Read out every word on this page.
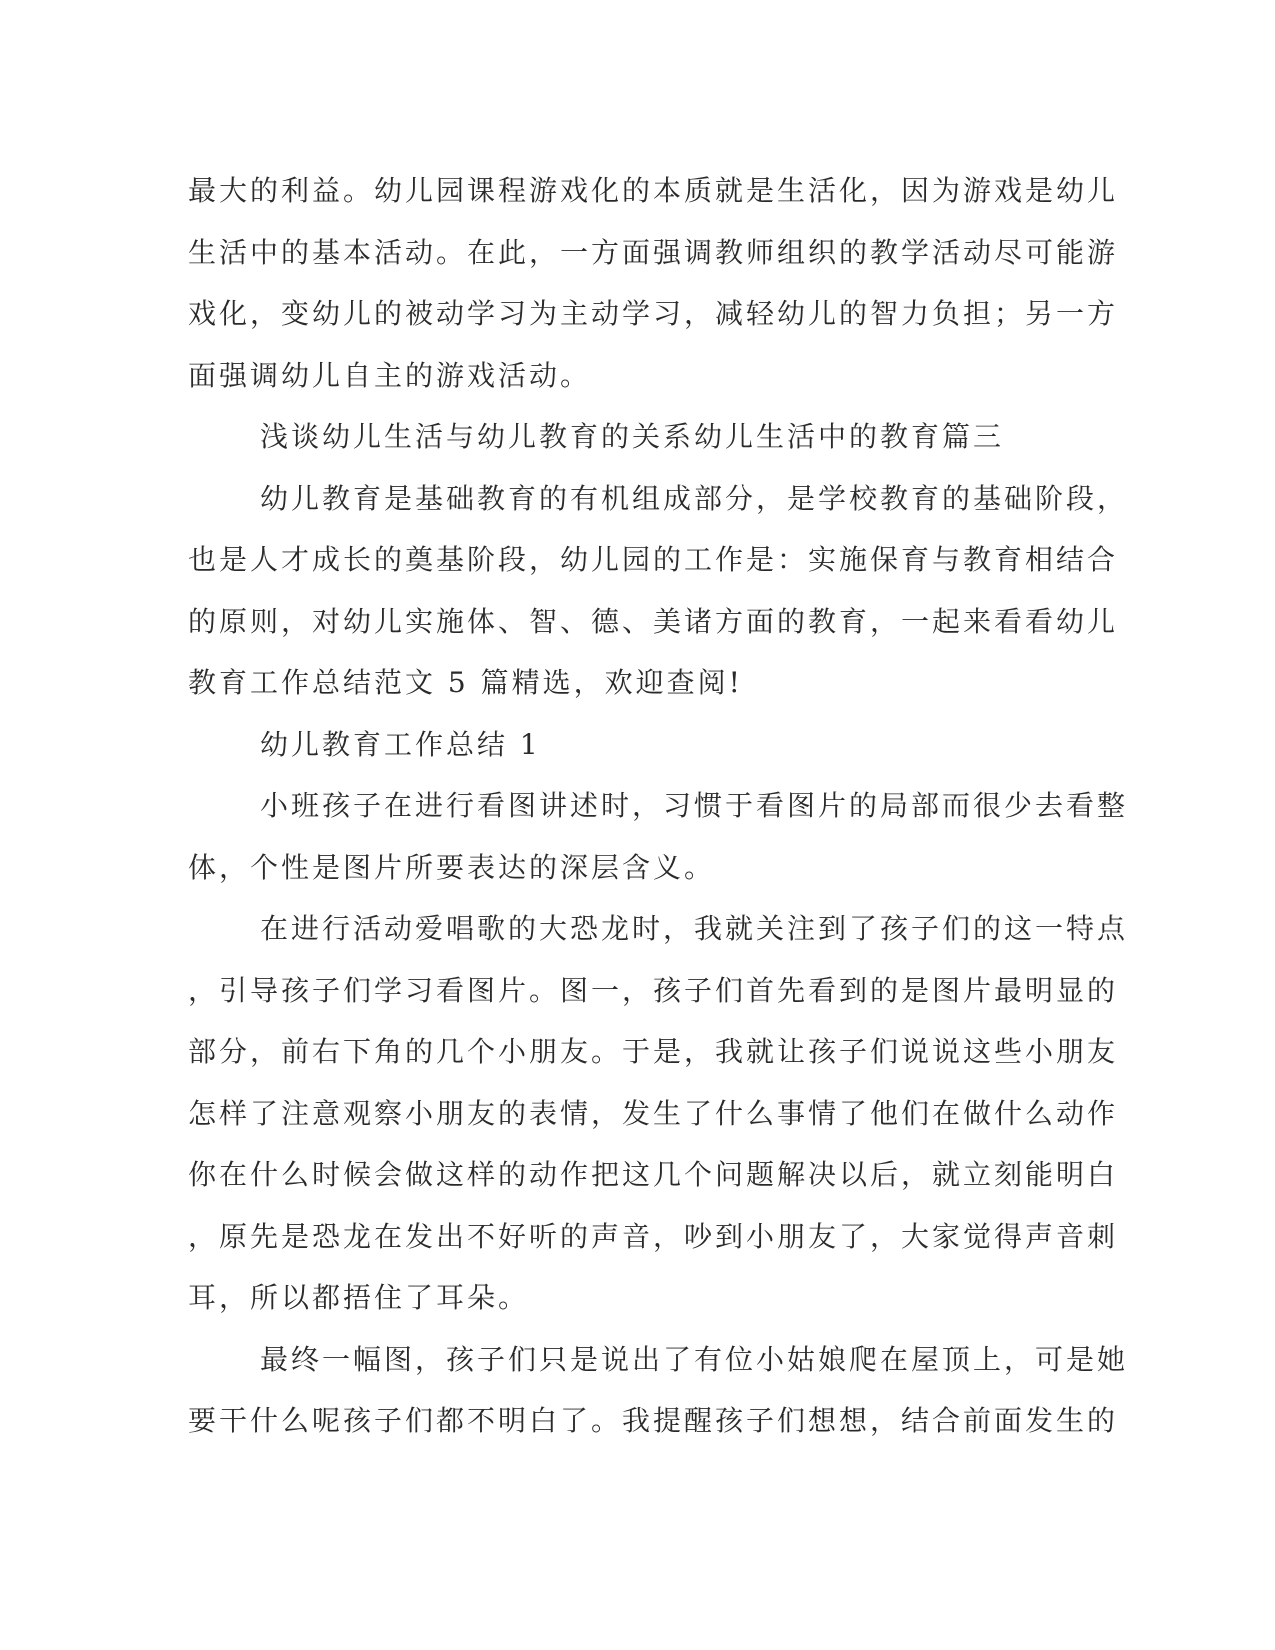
最大的利益。幼儿园课程游戏化的本质就是生活化，因为游戏是幼儿

生活中的基本活动。在此，一方面强调教师组织的教学活动尽可能游

戏化，变幼儿的被动学习为主动学习，减轻幼儿的智力负担；另一方

面强调幼儿自主的游戏活动。

浅谈幼儿生活与幼儿教育的关系幼儿生活中的教育篇三

幼儿教育是基础教育的有机组成部分，是学校教育的基础阶段，

也是人才成长的奠基阶段，幼儿园的工作是：实施保育与教育相结合

的原则，对幼儿实施体、智、德、美诸方面的教育，一起来看看幼儿

教育工作总结范文 5 篇精选，欢迎查阅!

幼儿教育工作总结 1

小班孩子在进行看图讲述时，习惯于看图片的局部而很少去看整

体，个性是图片所要表达的深层含义。

在进行活动爱唱歌的大恐龙时，我就关注到了孩子们的这一特点

，引导孩子们学习看图片。图一，孩子们首先看到的是图片最明显的

部分，前右下角的几个小朋友。于是，我就让孩子们说说这些小朋友

怎样了注意观察小朋友的表情，发生了什么事情了他们在做什么动作

你在什么时候会做这样的动作把这几个问题解决以后，就立刻能明白

，原先是恐龙在发出不好听的声音，吵到小朋友了，大家觉得声音刺

耳，所以都捂住了耳朵。

最终一幅图，孩子们只是说出了有位小姑娘爬在屋顶上，可是她

要干什么呢孩子们都不明白了。我提醒孩子们想想，结合前面发生的
